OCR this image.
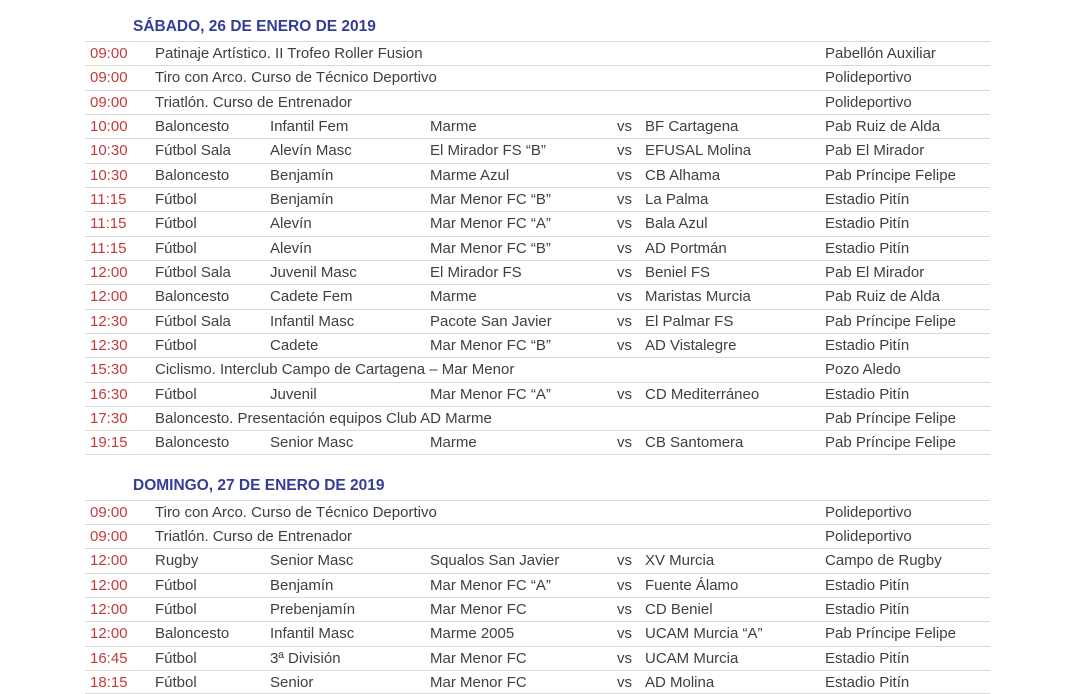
SÁBADO, 26 DE ENERO DE 2019
09:00	Patinaje Artístico. II Trofeo Roller Fusion	Pabellón Auxiliar
09:00	Tiro con Arco. Curso de Técnico Deportivo	Polideportivo
09:00	Triatlón. Curso de Entrenador	Polideportivo
10:00	Baloncesto	Infantil Fem	Marme	vs BF Cartagena	Pab Ruiz de Alda
10:30	Fútbol Sala	Alevín Masc	El Mirador FS “B”	vs EFUSAL Molina	Pab El Mirador
10:30	Baloncesto	Benjamín	Marme Azul	vs CB Alhama	Pab Príncipe Felipe
11:15	Fútbol	Benjamín	Mar Menor FC “B”	vs La Palma	Estadio Pitín
11:15	Fútbol	Alevín	Mar Menor FC “A”	vs Bala Azul	Estadio Pitín
11:15	Fútbol	Alevín	Mar Menor FC “B”	vs AD Portmán	Estadio Pitín
12:00	Fútbol Sala	Juvenil Masc	El Mirador FS	vs Beniel FS	Pab El Mirador
12:00	Baloncesto	Cadete Fem	Marme	vs Maristas Murcia	Pab Ruiz de Alda
12:30	Fútbol Sala	Infantil Masc	Pacote San Javier	vs El Palmar FS	Pab Príncipe Felipe
12:30	Fútbol	Cadete	Mar Menor FC “B”	vs AD Vistalegre	Estadio Pitín
15:30	Ciclismo. Interclub Campo de Cartagena – Mar Menor	Pozo Aledo
16:30	Fútbol	Juvenil	Mar Menor FC “A”	vs CD Mediterráneo	Estadio Pitín
17:30	Baloncesto. Presentación equipos Club AD Marme	Pab Príncipe Felipe
19:15	Baloncesto	Senior Masc	Marme	vs CB Santomera	Pab Príncipe Felipe
DOMINGO, 27 DE ENERO DE 2019
09:00	Tiro con Arco. Curso de Técnico Deportivo	Polideportivo
09:00	Triatlón. Curso de Entrenador	Polideportivo
12:00	Rugby	Senior Masc	Squalos San Javier	vs XV Murcia	Campo de Rugby
12:00	Fútbol	Benjamín	Mar Menor FC “A”	vs Fuente Álamo	Estadio Pitín
12:00	Fútbol	Prebenjamín	Mar Menor FC	vs CD Beniel	Estadio Pitín
12:00	Baloncesto	Infantil Masc	Marme 2005	vs UCAM Murcia “A”	Pab Príncipe Felipe
16:45	Fútbol	3ª División	Mar Menor FC	vs UCAM Murcia	Estadio Pitín
18:15	Fútbol	Senior	Mar Menor FC	vs AD Molina	Estadio Pitín
